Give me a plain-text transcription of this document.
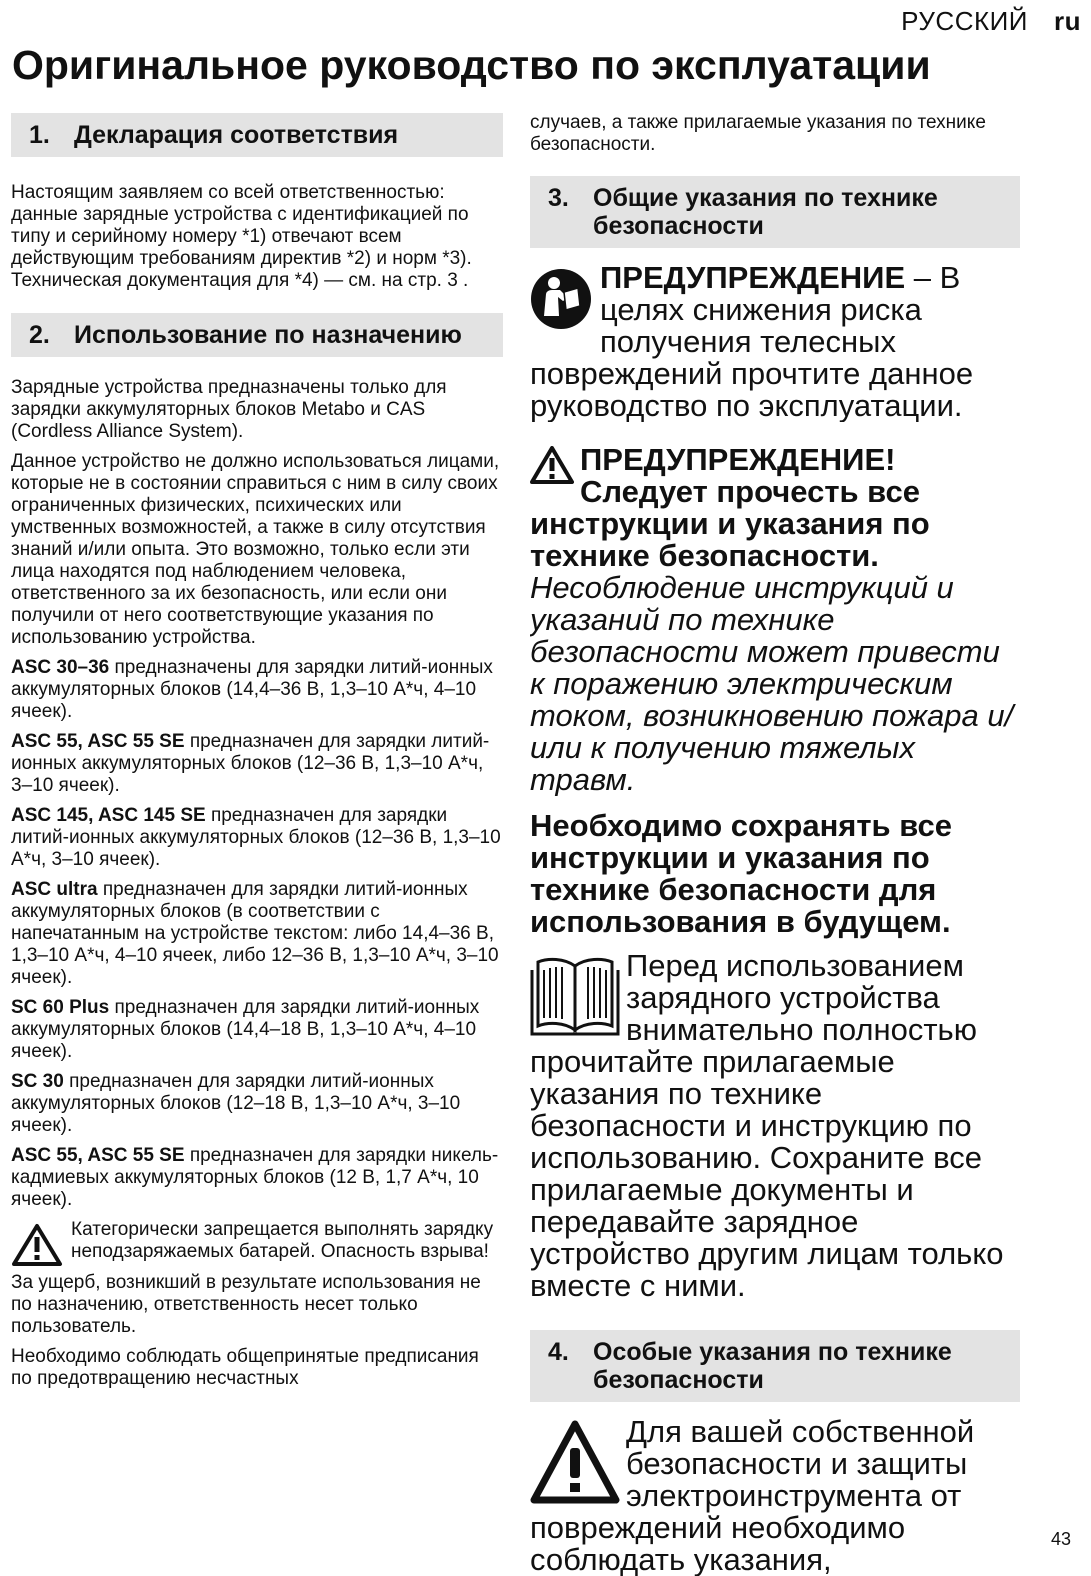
РУССКИЙ ru
Оригинальное руководство по эксплуатации
1. Декларация соответствия

Настоящим заявляем со всей ответственностью: данные зарядные устройства с идентификацией по типу и серийному номеру *1) отвечают всем действующим требованиям директив *2) и норм *3). Техническая документация для *4) — см. на стр. 3 .

2. Использование по назначению

Зарядные устройства предназначены только для зарядки аккумуляторных блоков Metabo и CAS (Cordless Alliance System).

Данное устройство не должно использоваться лицами, которые не в состоянии справиться с ним в силу своих ограниченных физических, психических или умственных возможностей, а также в силу отсутствия знаний и/или опыта. Это возможно, только если эти лица находятся под наблюдением человека, ответственного за их безопасность, или если они получили от него соответствующие указания по использованию устройства.

ASC 30–36 предназначены для зарядки литий-ионных аккумуляторных блоков (14,4–36 В, 1,3–10 А*ч, 4–10 ячеек).

ASC 55, ASC 55 SE предназначен для зарядки литий-ионных аккумуляторных блоков (12–36 В, 1,3–10 А*ч, 3–10 ячеек).

ASC 145, ASC 145 SE предназначен для зарядки литий-ионных аккумуляторных блоков (12–36 В, 1,3–10 А*ч, 3–10 ячеек).

ASC ultra предназначен для зарядки литий-ионных аккумуляторных блоков (в соответствии с напечатанным на устройстве текстом: либо 14,4–36 В, 1,3–10 А*ч, 4–10 ячеек, либо 12–36 В, 1,3–10 А*ч, 3–10 ячеек).

SC 60 Plus предназначен для зарядки литий-ионных аккумуляторных блоков (14,4–18 В, 1,3–10 А*ч, 4–10 ячеек).

SC 30 предназначен для зарядки литий-ионных аккумуляторных блоков (12–18 В, 1,3–10 А*ч, 3–10 ячеек).

ASC 55, ASC 55 SE предназначен для зарядки никель-кадмиевых аккумуляторных блоков (12 В, 1,7 А*ч, 10 ячеек).

Категорически запрещается выполнять зарядку неподзаряжаемых батарей. Опасность взрыва!

За ущерб, возникший в результате использования не по назначению, ответственность несет только пользователь.

Необходимо соблюдать общепринятые предписания по предотвращению несчастных

случаев, а также прилагаемые указания по технике безопасности.

3. Общие указания по технике безопасности

ПРЕДУПРЕЖДЕНИЕ – В целях снижения риска получения телесных повреждений прочтите данное руководство по эксплуатации.

ПРЕДУПРЕЖДЕНИЕ! Следует прочесть все инструкции и указания по технике безопасности. Несоблюдение инструкций и указаний по технике безопасности может привести к поражению электрическим током, возникновению пожара и/или к получению тяжелых травм.

Необходимо сохранять все инструкции и указания по технике безопасности для использования в будущем.

Перед использованием зарядного устройства внимательно полностью прочитайте прилагаемые указания по технике безопасности и инструкцию по использованию. Сохраните все прилагаемые документы и передавайте зарядное устройство другим лицам только вместе с ними.

4. Особые указания по технике безопасности

Для вашей собственной безопасности и защиты электроинструмента от повреждений необходимо соблюдать указания,

43
